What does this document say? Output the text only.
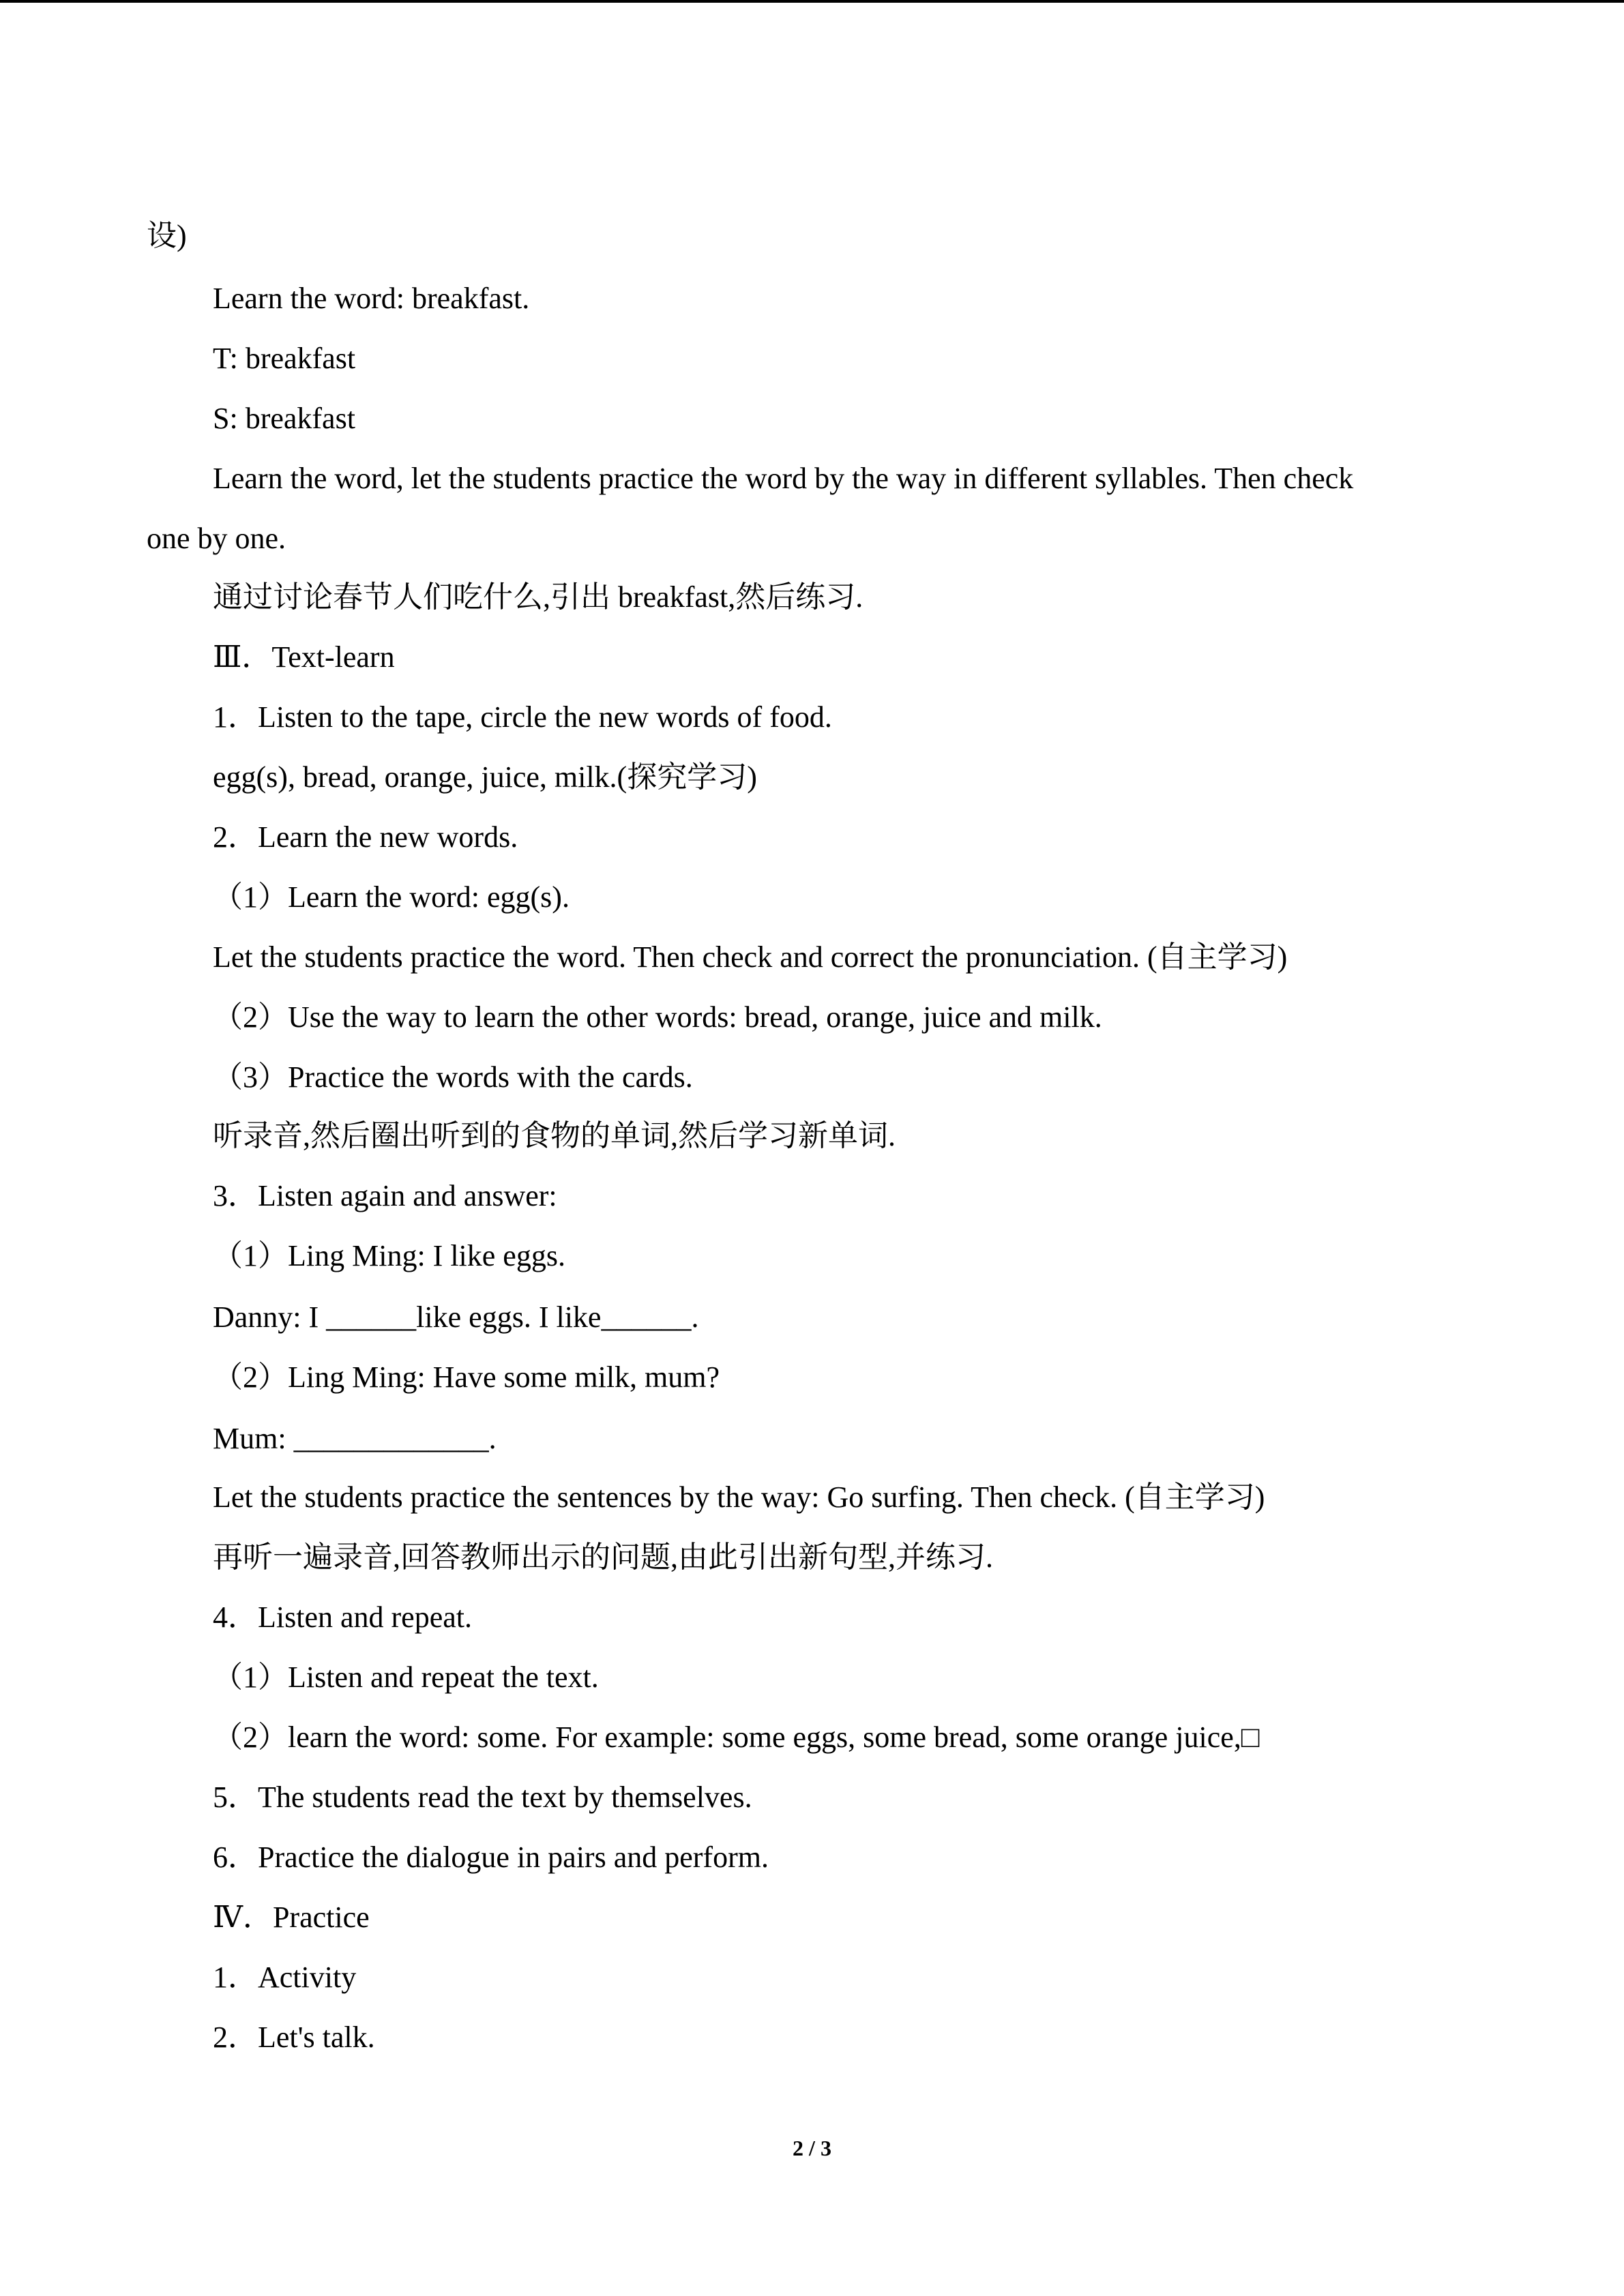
设)
Learn the word: breakfast.
T: breakfast
S: breakfast
Learn the word, let the students practice the word by the way in different syllables. Then check
one by one.
通过讨论春节人们吃什么,引出 breakfast,然后练习.
Ⅲ．Text-learn
1．Listen to the tape, circle the new words of food.
egg(s), bread, orange, juice, milk.(探究学习)
2．Learn the new words.
（1）Learn the word: egg(s).
Let the students practice the word. Then check and correct the pronunciation. (自主学习)
（2）Use the way to learn the other words: bread, orange, juice and milk.
（3）Practice the words with the cards.
听录音,然后圈出听到的食物的单词,然后学习新单词.
3．Listen again and answer:
（1）Ling Ming: I like eggs.
Danny: I ______like eggs. I like______.
（2）Ling Ming: Have some milk, mum?
Mum: _____________.
Let the students practice the sentences by the way: Go surfing. Then check. (自主学习)
再听一遍录音,回答教师出示的问题,由此引出新句型,并练习.
4．Listen and repeat.
（1）Listen and repeat the text.
（2）learn the word: some. For example: some eggs, some bread, some orange juice,□
5．The students read the text by themselves.
6．Practice the dialogue in pairs and perform.
Ⅳ．Practice
1．Activity
2．Let's talk.
2 / 3
